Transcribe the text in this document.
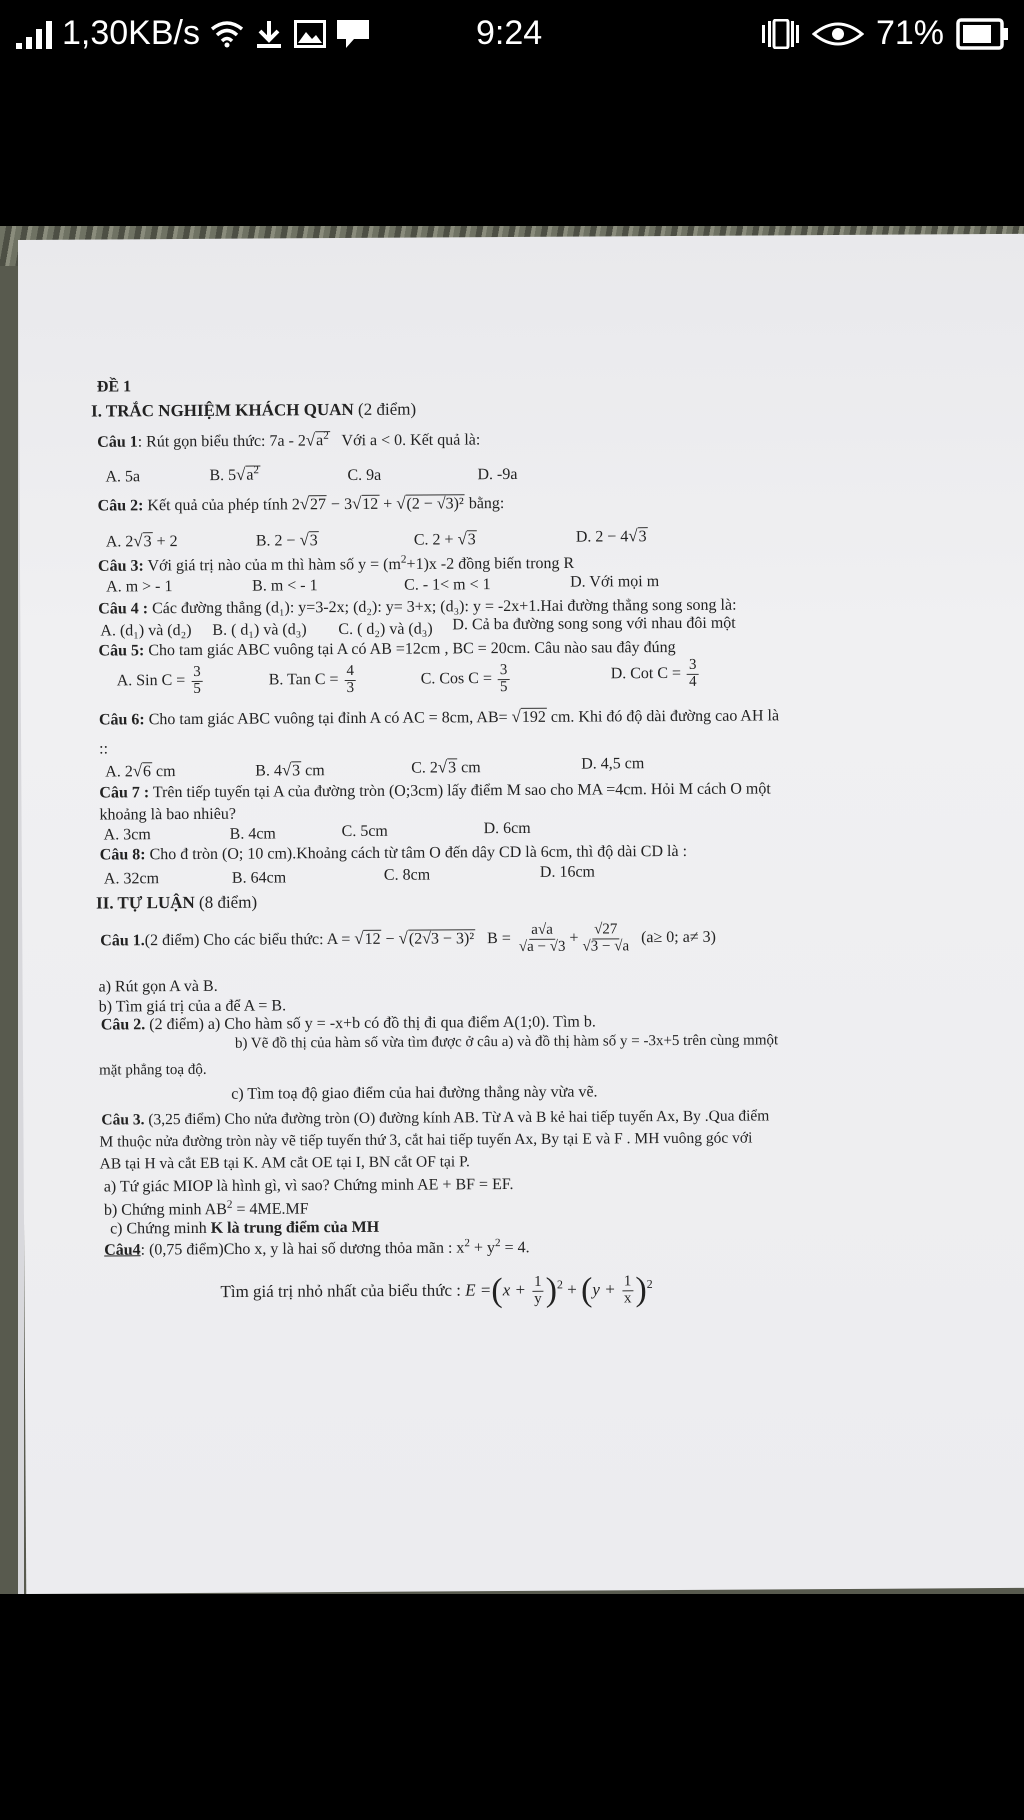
1,30KB/s	9:24	71%
ĐỀ 1
I. TRẮC NGHIỆM KHÁCH QUAN (2 điểm)
Câu 1: Rút gọn biểu thức: $7a - 2√a^2$ Với a < 0. Kết quả là:
A. 5a	B. $5√a^2$	C. 9a	D. -9a
Câu 2: Kết quả của phép tính 2√27 − 3√12 + √(2 − √3)² bằng:
A. 2√3 + 2	B. 2 − √3	C. 2 + √3	D. 2 − 4√3
Câu 3: Với giá trị nào của m thì hàm số $y = (m^2+1)x$ -2 đồng biến trong R
A. m > - 1	B. m < - 1	C. - 1< m < 1	D. Với mọi m
Câu 4 : Các đường thẳng (d₁): y=3-2x; (d₂): y= 3+x; (d₃): y = -2x+1.Hai đường thẳng song song là:
A. (d₁) và (d₂) B. ( d₁) và (d₃) C. ( d₂) và (d₃) D. Cả ba đường song song với nhau đôi một
Câu 5: Cho tam giác ABC vuông tại A có AB =12cm , BC = 20cm. Câu nào sau đây đúng
A. Sin $C = \frac{3}{5}$	B. Tan $C = \frac{4}{3}$	C. Cos $C = \frac{3}{5}$	D. Cot $C = \frac{3}{4}$
Câu 6: Cho tam giác ABC vuông tại đỉnh A có AC = 8cm, AB= √192 cm. Khi đó độ dài đường cao AH là
::
A. 2√6 cm	B. 4√3 cm	C. 2√3 cm	D. 4,5 cm
Câu 7 : Trên tiếp tuyến tại A của đường tròn (O;3cm) lấy điểm M sao cho MA =4cm. Hỏi M cách O một
khoảng là bao nhiêu?
A. 3cm	B. 4cm	C. 5cm	D. 6cm
Câu 8: Cho đ tròn (O; 10 cm).Khoảng cách từ tâm O đến dây CD là 6cm, thì độ dài CD là :
A. 32cm	B. 64cm	C. 8cm	D. 16cm
II. TỰ LUẬN (8 điểm)
Câu 1.(2 điểm) Cho các biểu thức: A = √12 − √(2√3 − 3)² $B = \frac{a√a}{√a - √3} + \frac{√27}{√3 - √a} (a\ge 0$; a≠ 3)
a) Rút gọn A và B.
b) Tìm giá trị của a để A = B.
Câu 2. (2 điểm) a) Cho hàm số y = -x+b có đồ thị đi qua điểm A(1;0). Tìm b.
b) Vẽ đồ thị của hàm số vừa tìm được ở câu a) và đồ thị hàm số y = -3x+5 trên cùng mmột
mặt phẳng toạ độ.
c) Tìm toạ độ giao điểm của hai đường thẳng này vừa vẽ.
Câu 3. (3,25 điểm) Cho nửa đường tròn (O) đường kính AB. Từ A và B kẻ hai tiếp tuyến Ax, By .Qua điểm
M thuộc nửa đường tròn này vẽ tiếp tuyến thứ 3, cắt hai tiếp tuyến Ax, By tại E và F . MH vuông góc với
AB tại H và cắt EB tại K. AM cắt OE tại I, BN cắt OF tại P.
a) Tứ giác MIOP là hình gì, vì sao? Chứng minh AE + BF = EF.
b) Chứng minh $AB^2 = 4ME.MF$
c) Chứng minh K là trung điểm của MH
Câu4: (0,75 điểm)Cho x, y là hai số dương thỏa mãn : $x^2 + y^2 = 4$.
Tìm giá trị nhỏ nhất của biểu thức : $E =(x + \frac{1}{y} )^2 + (y + \frac{1}{x} )^2$
